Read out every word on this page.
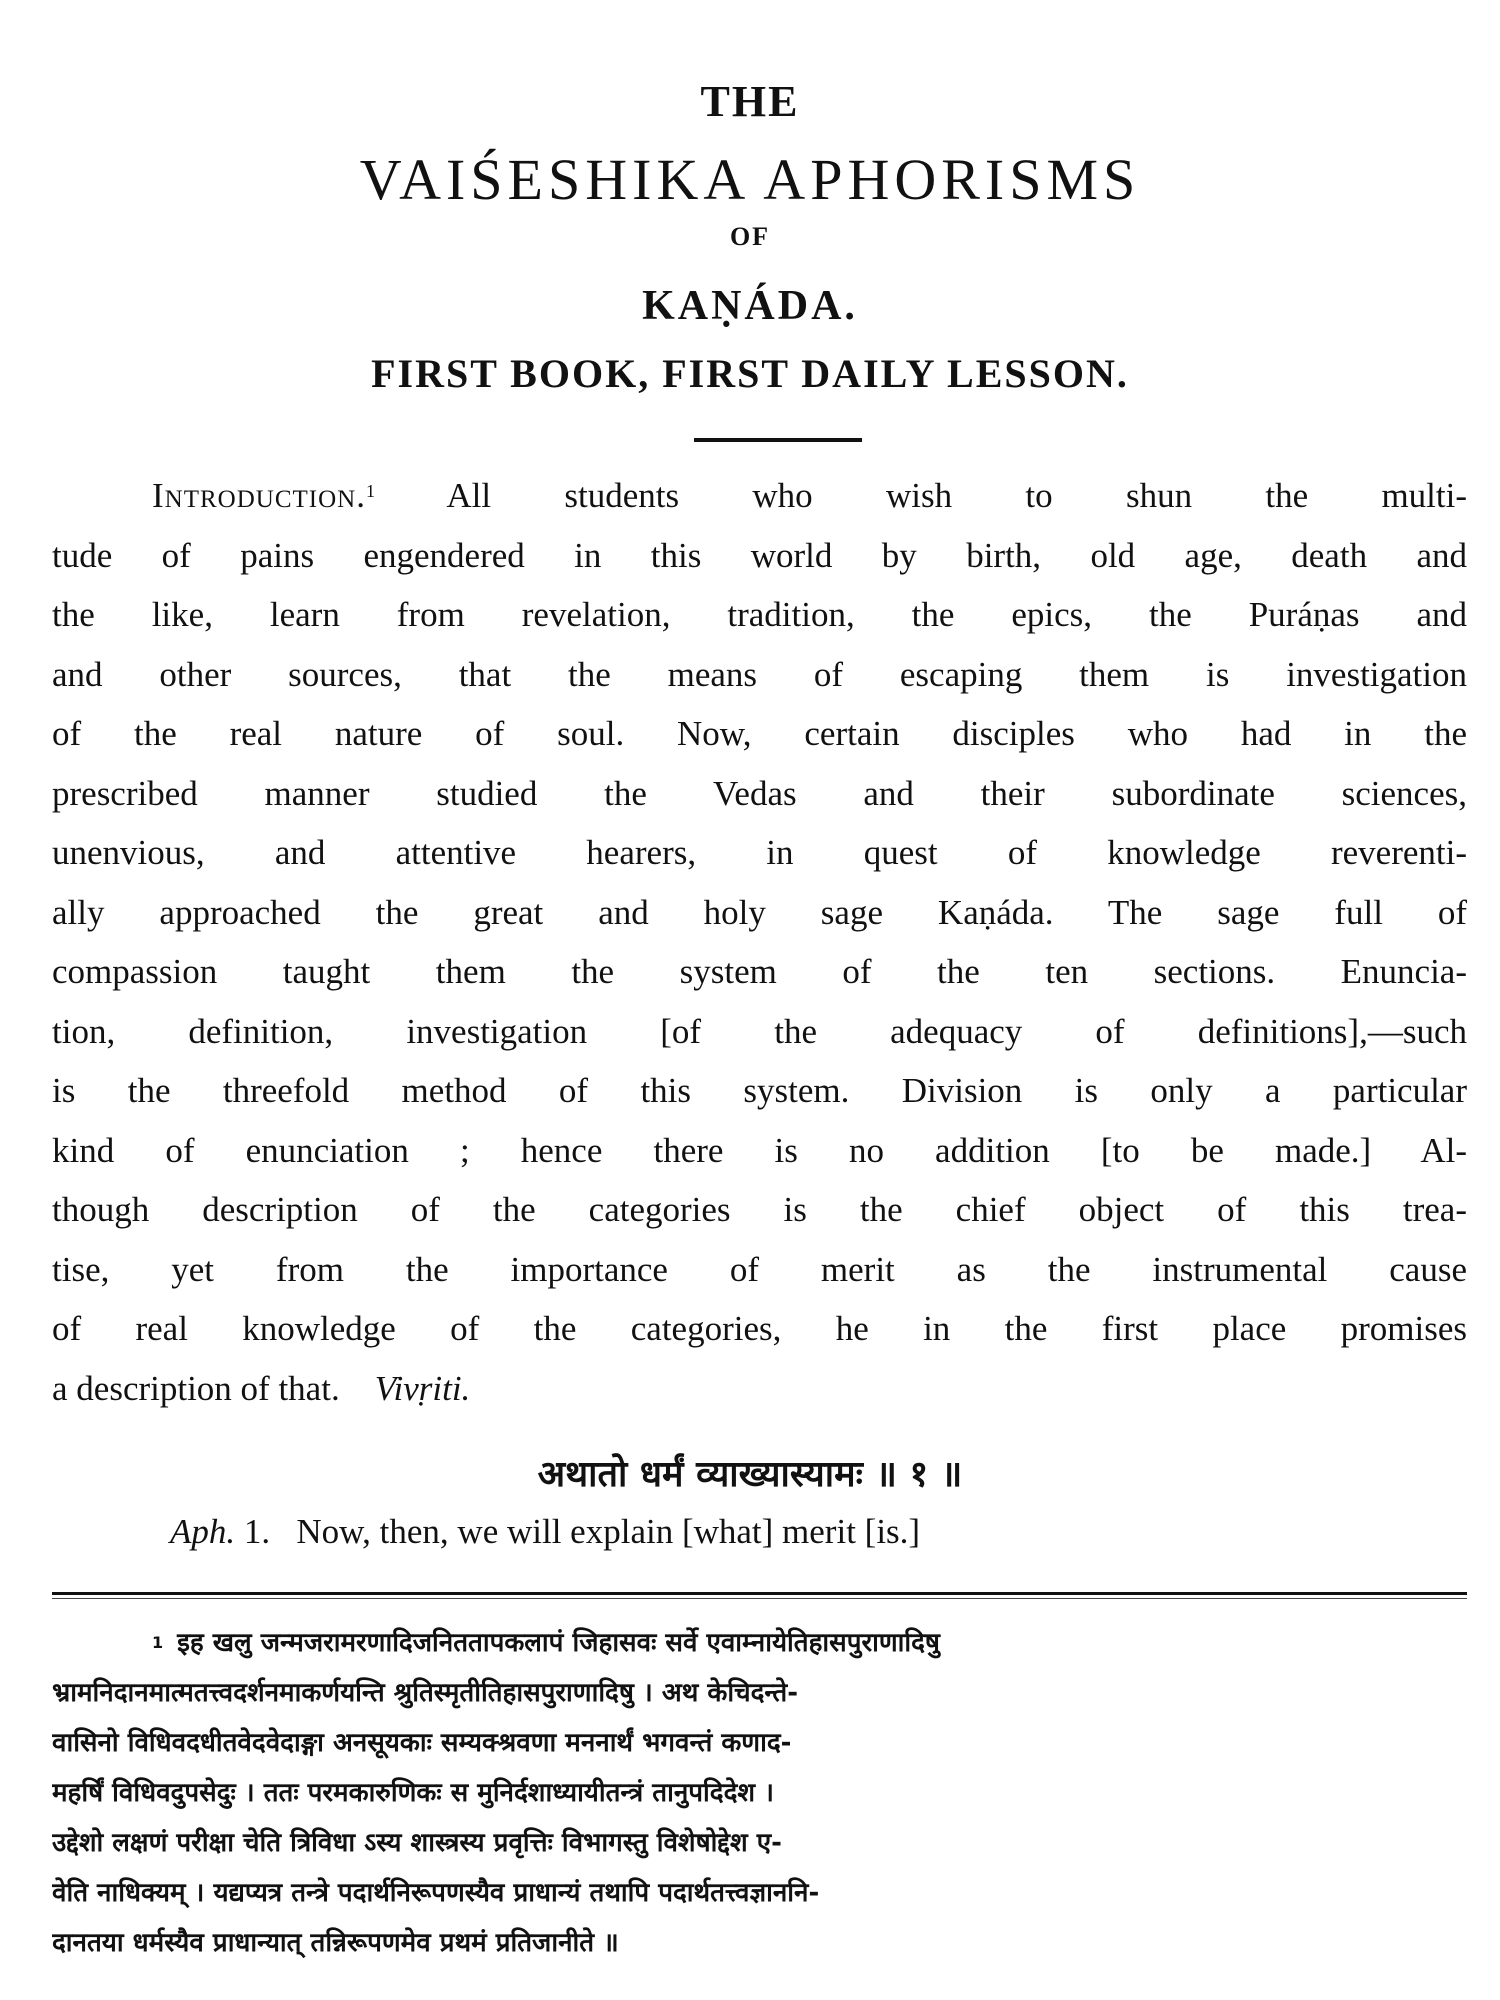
THE
VAIŚESHIKA APHORISMS
OF
KAṆÁDA.
FIRST BOOK, FIRST DAILY LESSON.
Introduction.$^1$ All students who wish to shun the multi-
tude of pains engendered in this world by birth, old age, death and
the like, learn from revelation, tradition, the epics, the Puráṇas and
and other sources, that the means of escaping them is investigation
of the real nature of soul. Now, certain disciples who had in the
prescribed manner studied the Vedas and their subordinate sciences,
unenvious, and attentive hearers, in quest of knowledge reverenti-
ally approached the great and holy sage Kaṇáda. The sage full of
compassion taught them the system of the ten sections. Enuncia-
tion, definition, investigation [of the adequacy of definitions],—such
is the threefold method of this system. Division is only a particular
kind of enunciation ; hence there is no addition [to be made.] Al-
though description of the categories is the chief object of this trea-
tise, yet from the importance of merit as the instrumental cause
of real knowledge of the categories, he in the first place promises
a description of that. Vivṛiti.
अथातो धर्मं व्याख्यास्यामः ॥ १ ॥
Aph. 1. Now, then, we will explain [what] merit [is.]
$^1$ इह खलु जन्मजरामरणादिजनिततापकलापं जिहासवः सर्वे एवाम्नायेतिहासपुराणादिषु
भ्रामनिदानमात्मतत्त्वदर्शनमाकर्णयन्ति श्रुतिस्मृतीतिहासपुराणादिषु । अथ केचिदन्ते-
वासिनो विधिवदधीतवेदवेदाङ्गा अनसूयकाः सम्यक्श्रवणा मननार्थं भगवन्तं कणाद-
महर्षिं विधिवदुपसेदुः । ततः परमकारुणिकः स मुनिर्दशाध्यायीतन्त्रं तानुपदिदेश ।
उद्देशो लक्षणं परीक्षा चेति त्रिविधा ऽस्य शास्त्रस्य प्रवृत्तिः विभागस्तु विशेषोद्देश ए-
वेति नाधिक्यम् । यद्यप्यत्र तन्त्रे पदार्थनिरूपणस्यैव प्राधान्यं तथापि पदार्थतत्त्वज्ञाननि-
दानतया धर्मस्यैव प्राधान्यात् तन्निरूपणमेव प्रथमं प्रतिजानीते ॥
